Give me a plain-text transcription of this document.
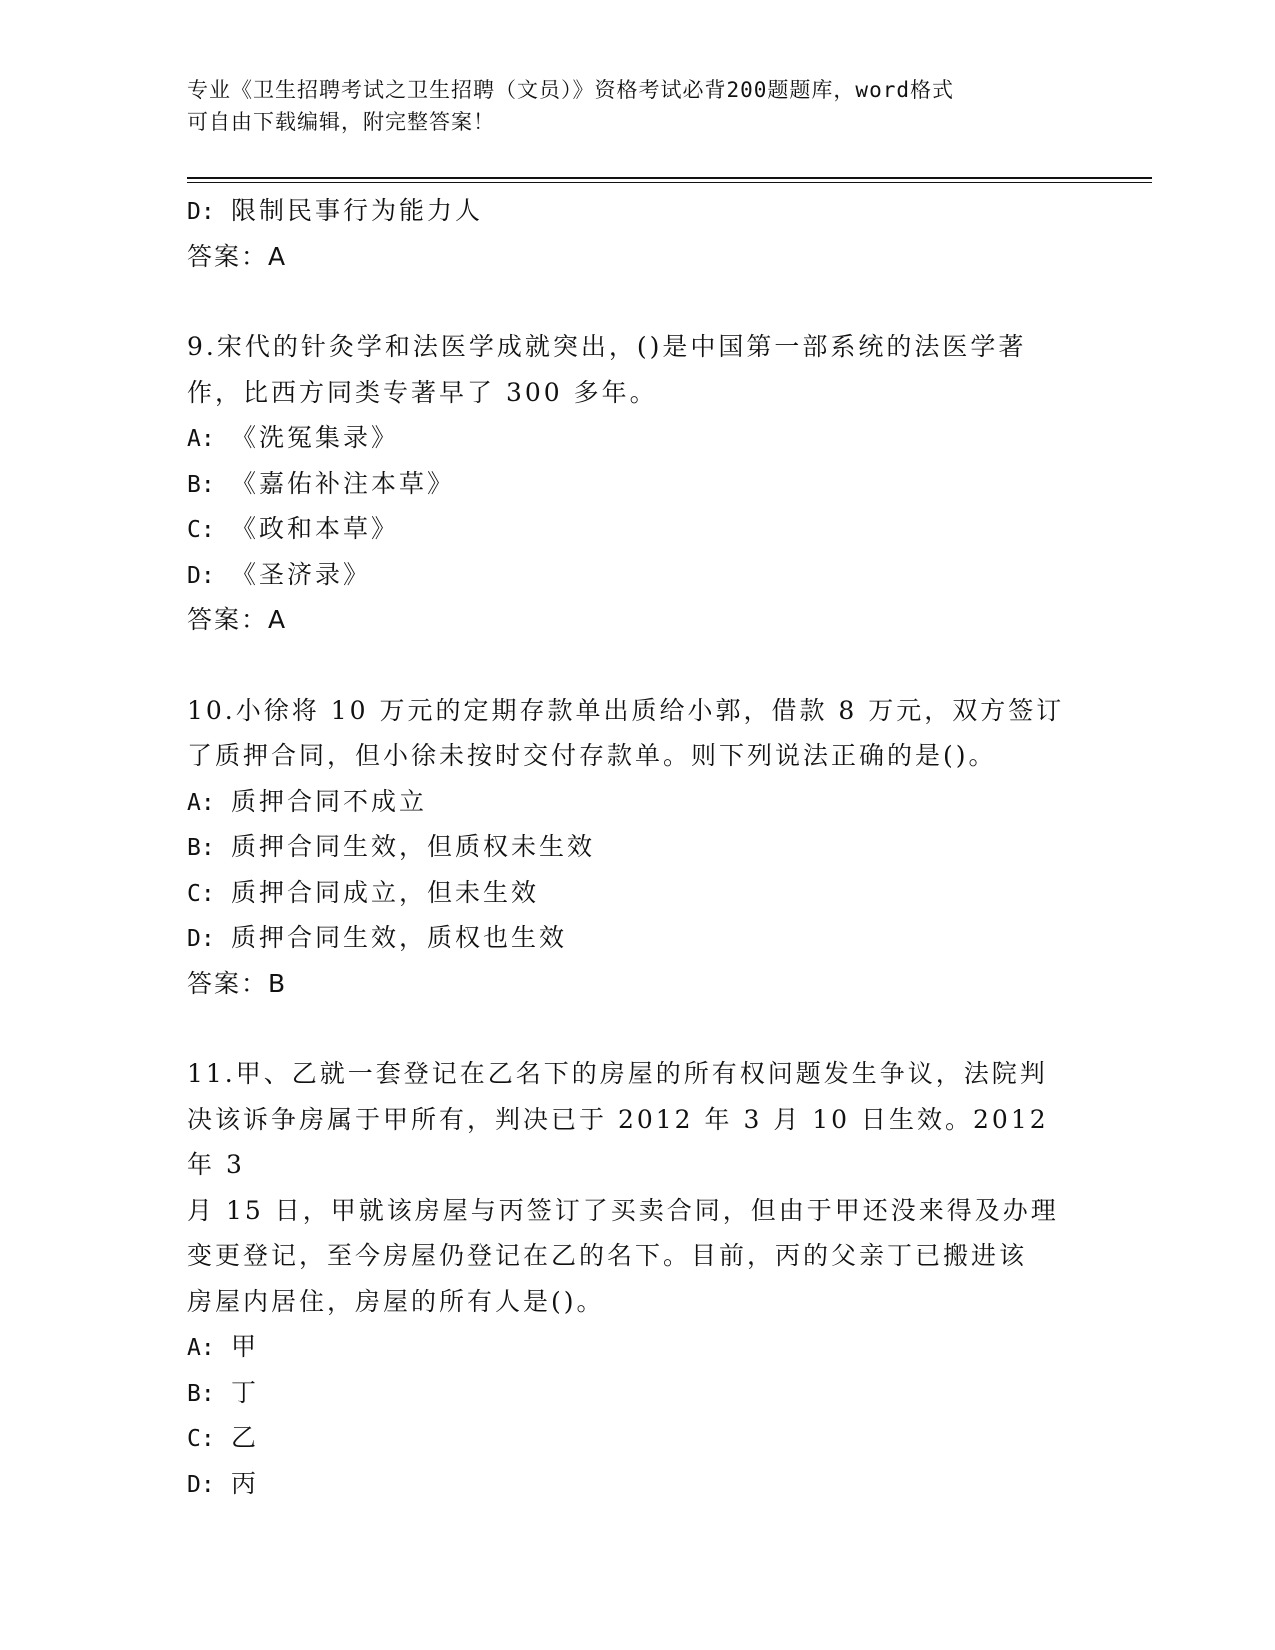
专业《卫生招聘考试之卫生招聘（文员）》资格考试必背200题题库，word格式
可自由下载编辑，附完整答案！
D: 限制民事行为能力人
答案：A
9.宋代的针灸学和法医学成就突出，()是中国第一部系统的法医学著
作，比西方同类专著早了 300 多年。
A: 《洗冤集录》
B: 《嘉佑补注本草》
C: 《政和本草》
D: 《圣济录》
答案：A
10.小徐将 10 万元的定期存款单出质给小郭，借款 8 万元，双方签订
了质押合同，但小徐未按时交付存款单。则下列说法正确的是()。
A: 质押合同不成立
B: 质押合同生效，但质权未生效
C: 质押合同成立，但未生效
D: 质押合同生效，质权也生效
答案：B
11.甲、乙就一套登记在乙名下的房屋的所有权问题发生争议，法院判
决该诉争房属于甲所有，判决已于 2012 年 3 月 10 日生效。2012 年 3
月 15 日，甲就该房屋与丙签订了买卖合同，但由于甲还没来得及办理
变更登记，至今房屋仍登记在乙的名下。目前，丙的父亲丁已搬进该
房屋内居住，房屋的所有人是()。
A: 甲
B: 丁
C: 乙
D: 丙
